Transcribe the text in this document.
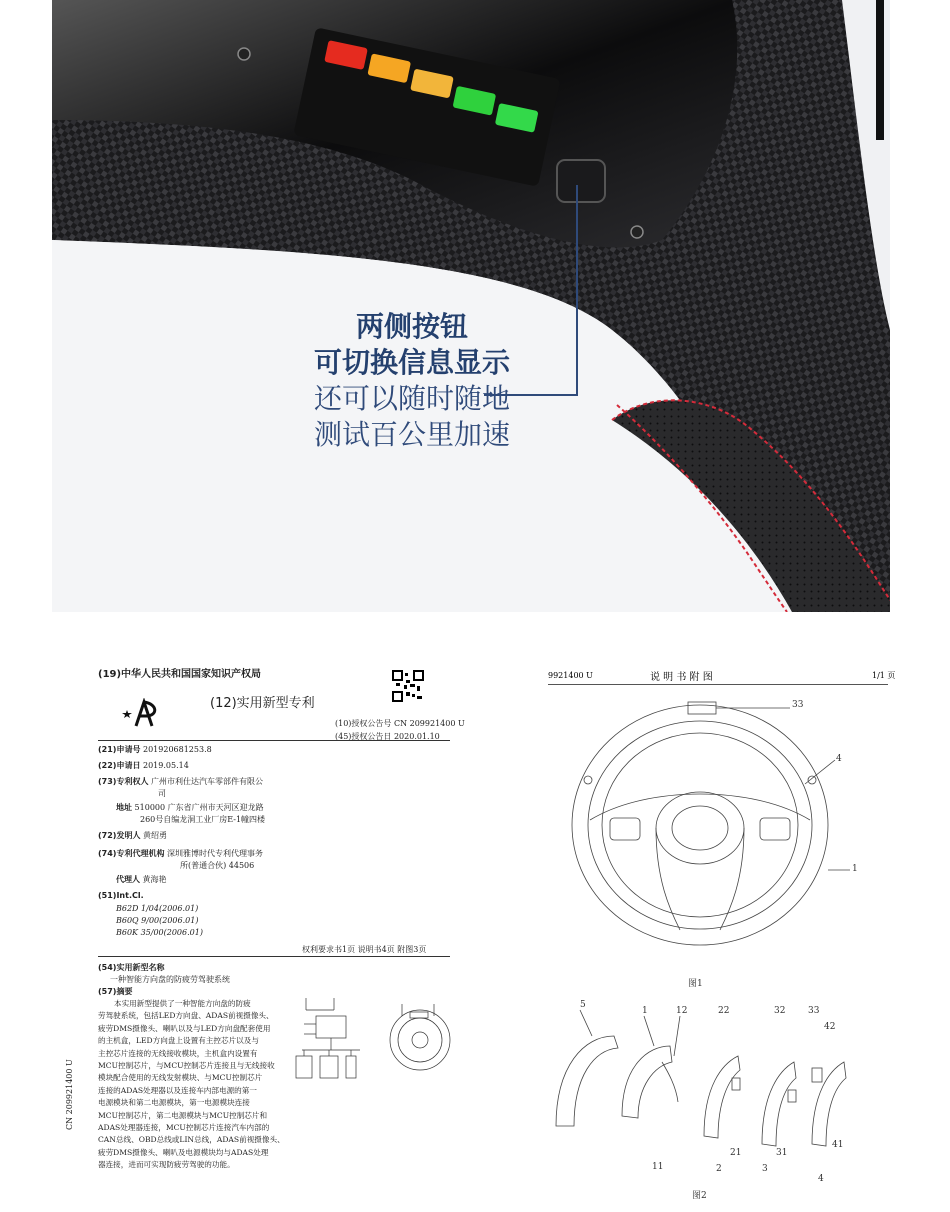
两侧按钮
可切换信息显示
还可以随时随地
测试百公里加速
(19)中华人民共和国国家知识产权局
(12)实用新型专利
(10)授权公告号 CN 209921400 U
(45)授权公告日 2020.01.10
(21)申请号 201920681253.8
(22)申请日 2019.05.14
(73)专利权人 广州市利仕达汽车零部件有限公
司
地址 510000 广东省广州市天河区迎龙路
260号自编龙洞工业厂房E-1幢四楼
(72)发明人 黄绍勇
(74)专利代理机构 深圳雅博时代专利代理事务
所(普通合伙) 44506
代理人 黄海艳
(51)Int.Cl.
B62D 1/04(2006.01)
B60Q 9/00(2006.01)
B60K 35/00(2006.01)
权利要求书1页 说明书4页 附图3页
(54)实用新型名称
一种智能方向盘的防疲劳驾驶系统
(57)摘要
本实用新型提供了一种智能方向盘的防疲
劳驾驶系统，包括LED方向盘、ADAS前视摄像头、
疲劳DMS摄像头、喇叭以及与LED方向盘配套使用
的主机盒，LED方向盘上设置有主控芯片以及与
主控芯片连接的无线接收模块，主机盒内设置有
MCU控制芯片，与MCU控制芯片连接且与无线接收
模块配合使用的无线发射模块、与MCU控制芯片
连接的ADAS处理器以及连接车内部电源的第一
电源模块和第二电源模块，第一电源模块连接
MCU控制芯片，第二电源模块与MCU控制芯片和
ADAS处理器连接，MCU控制芯片连接汽车内部的
CAN总线、OBD总线或LIN总线，ADAS前视摄像头、
疲劳DMS摄像头、喇叭及电源模块均与ADAS处理
器连接，进而可实现防疲劳驾驶的功能。
CN 209921400 U
9921400 U	说 明 书 附 图	1/1 页
33
4
1
图1
5
1	12	22	32	33
42
11
21
2
31
3
41
4
图2
